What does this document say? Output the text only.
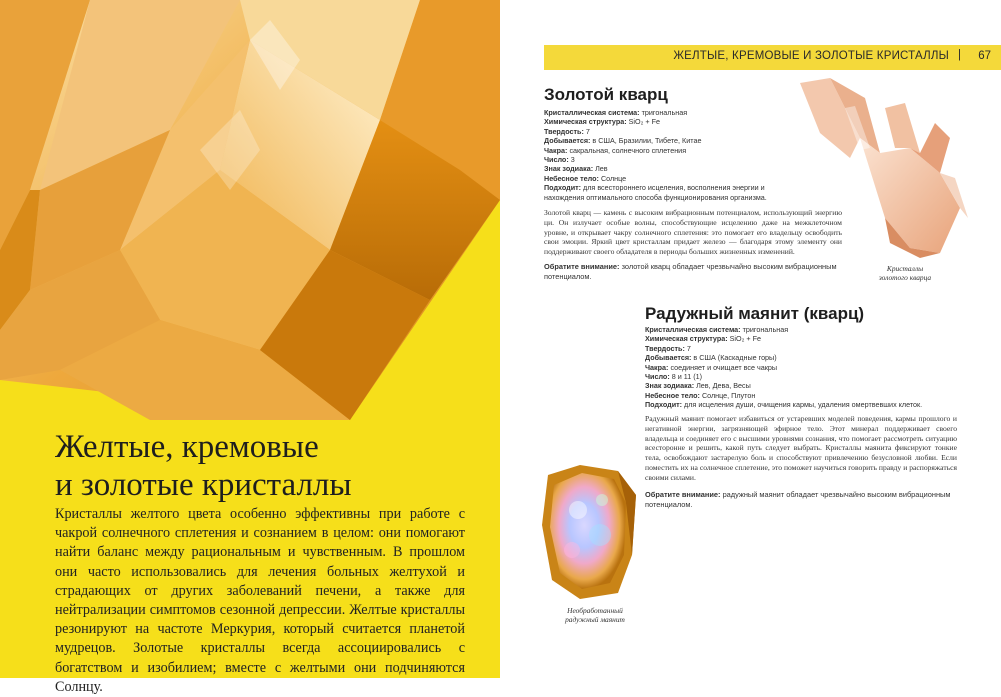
Желтые, кремовые
и золотые кристаллы

Кристаллы желтого цвета особенно эффективны при работе с чакрой солнечного сплетения и сознанием в целом: они помогают найти баланс между рациональным и чувственным. В прошлом они часто использовались для лечения больных желтухой и страдающих от других заболеваний печени, а также для нейтрализации симптомов сезонной депрессии. Желтые кристаллы резонируют на частоте Меркурия, который считается планетой мудрецов. Золотые кристаллы всегда ассоциировались с богатством и изобилием; вместе с желтыми они подчиняются Солнцу.

ЖЕЛТЫЕ, КРЕМОВЫЕ И ЗОЛОТЫЕ КРИСТАЛЛЫ | 67
Золотой кварц
Кристаллическая система: тригональная
Химическая структура: SiO₂ + Fe
Твердость: 7
Добывается: в США, Бразилии, Тибете, Китае
Чакра: сакральная, солнечного сплетения
Число: 3
Знак зодиака: Лев
Небесное тело: Солнце
Подходит: для всестороннего исцеления, восполнения энергии и нахождения оптимального способа функционирования организма.

Золотой кварц — камень с высоким вибрационным потенциалом, использующий энергию ци. Он излучает особые волны, способствующие исцелению даже на межклеточном уровне, и открывает чакру солнечного сплетения: это помогает его владельцу освободить свои эмоции. Яркий цвет кристаллам придает железо — благодаря этому элементу они поддерживают своего обладателя в периоды больших жизненных изменений.

Обратите внимание: золотой кварц обладает чрезвычайно высоким вибрационным потенциалом.

Кристаллы
золотого кварца
Радужный маянит (кварц)
Кристаллическая система: тригональная
Химическая структура: SiO₂ + Fe
Твердость: 7
Добывается: в США (Каскадные горы)
Чакра: соединяет и очищает все чакры
Число: 8 и 11 (1)
Знак зодиака: Лев, Дева, Весы
Небесное тело: Солнце, Плутон
Подходит: для исцеления души, очищения кармы, удаления омертвевших клеток.

Радужный маянит помогает избавиться от устаревших моделей поведения, кармы прошлого и негативной энергии, загрязняющей эфирное тело. Этот минерал поддерживает своего владельца и соединяет его с высшими уровнями сознания, что помогает рассмотреть ситуацию всесторонне и решить, какой путь следует выбрать. Кристаллы маянита фиксируют тонкие тела, освобождают застарелую боль и способствуют привлечению безусловной любви. Если поместить их на солнечное сплетение, это поможет научиться говорить правду и распоряжаться своими силами.

Обратите внимание: радужный маянит обладает чрезвычайно высоким вибрационным потенциалом.

Необработанный
радужный маянит
